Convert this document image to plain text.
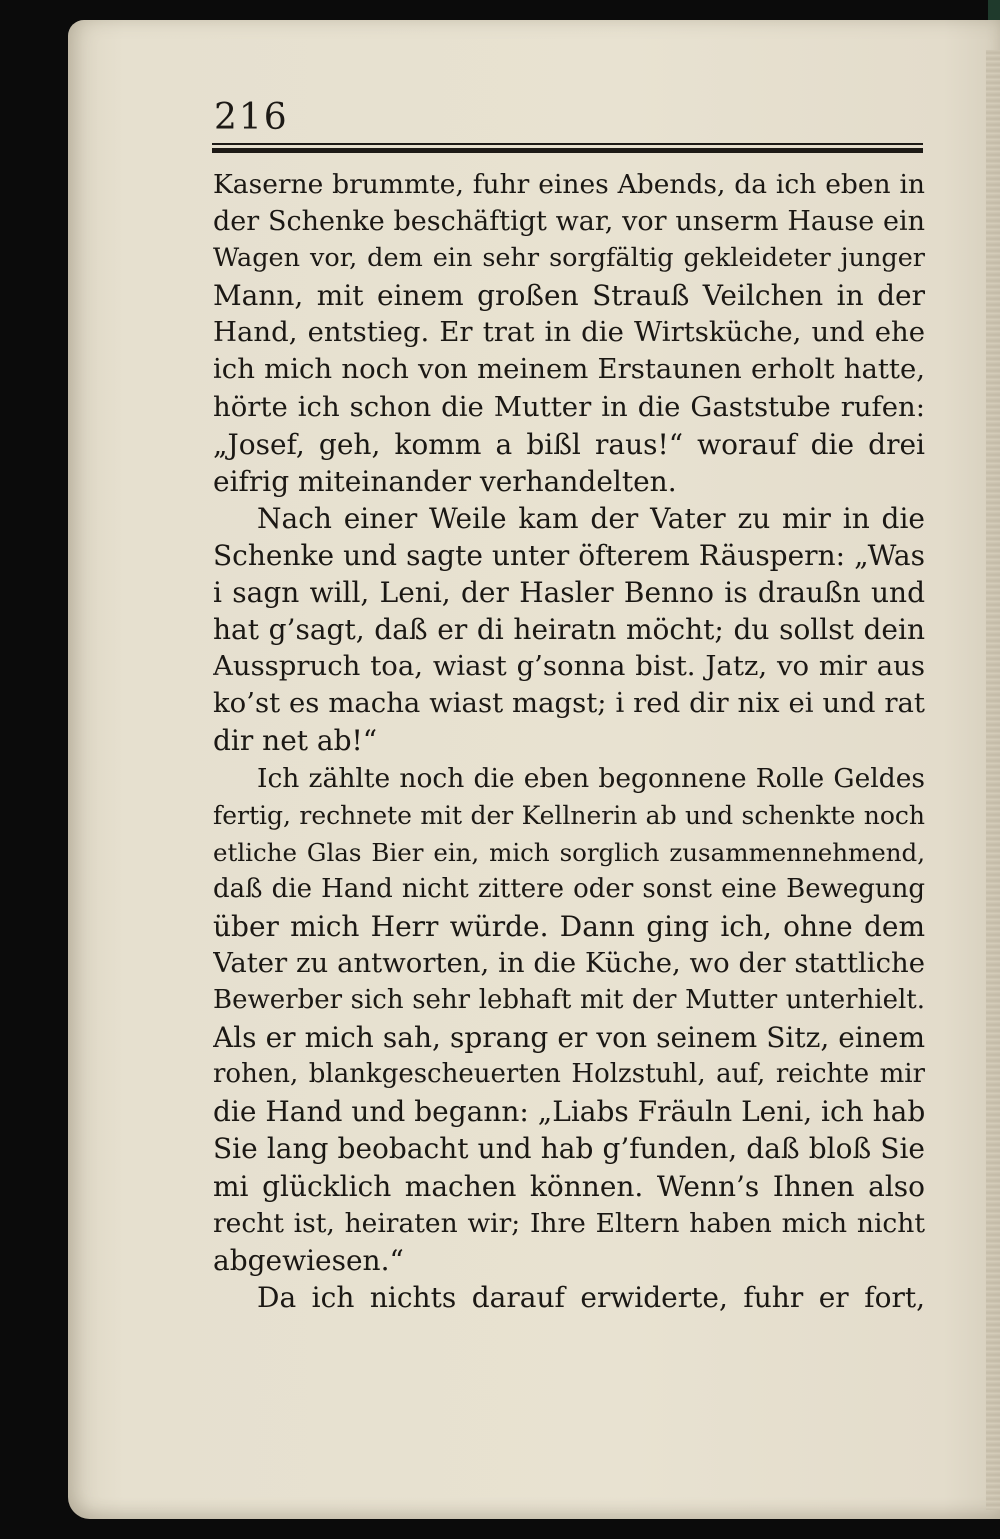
216
Kaserne brummte, fuhr eines Abends, da ich eben in
der Schenke beschäftigt war, vor unserm Hause ein
Wagen vor, dem ein sehr sorgfältig gekleideter junger
Mann, mit einem großen Strauß Veilchen in der
Hand, entstieg. Er trat in die Wirtsküche, und ehe
ich mich noch von meinem Erstaunen erholt hatte,
hörte ich schon die Mutter in die Gaststube rufen:
„Josef, geh, komm a bißl raus!“ worauf die drei
eifrig miteinander verhandelten.
Nach einer Weile kam der Vater zu mir in die
Schenke und sagte unter öfterem Räuspern: „Was
i sagn will, Leni, der Hasler Benno is draußn und
hat g’sagt, daß er di heiratn möcht; du sollst dein
Ausspruch toa, wiast g’sonna bist. Jatz, vo mir aus
ko’st es macha wiast magst; i red dir nix ei und rat
dir net ab!“
Ich zählte noch die eben begonnene Rolle Geldes
fertig, rechnete mit der Kellnerin ab und schenkte noch
etliche Glas Bier ein, mich sorglich zusammennehmend,
daß die Hand nicht zittere oder sonst eine Bewegung
über mich Herr würde. Dann ging ich, ohne dem
Vater zu antworten, in die Küche, wo der stattliche
Bewerber sich sehr lebhaft mit der Mutter unterhielt.
Als er mich sah, sprang er von seinem Sitz, einem
rohen, blankgescheuerten Holzstuhl, auf, reichte mir
die Hand und begann: „Liabs Fräuln Leni, ich hab
Sie lang beobacht und hab g’funden, daß bloß Sie
mi glücklich machen können. Wenn’s Ihnen also
recht ist, heiraten wir; Ihre Eltern haben mich nicht
abgewiesen.“
Da ich nichts darauf erwiderte, fuhr er fort,
